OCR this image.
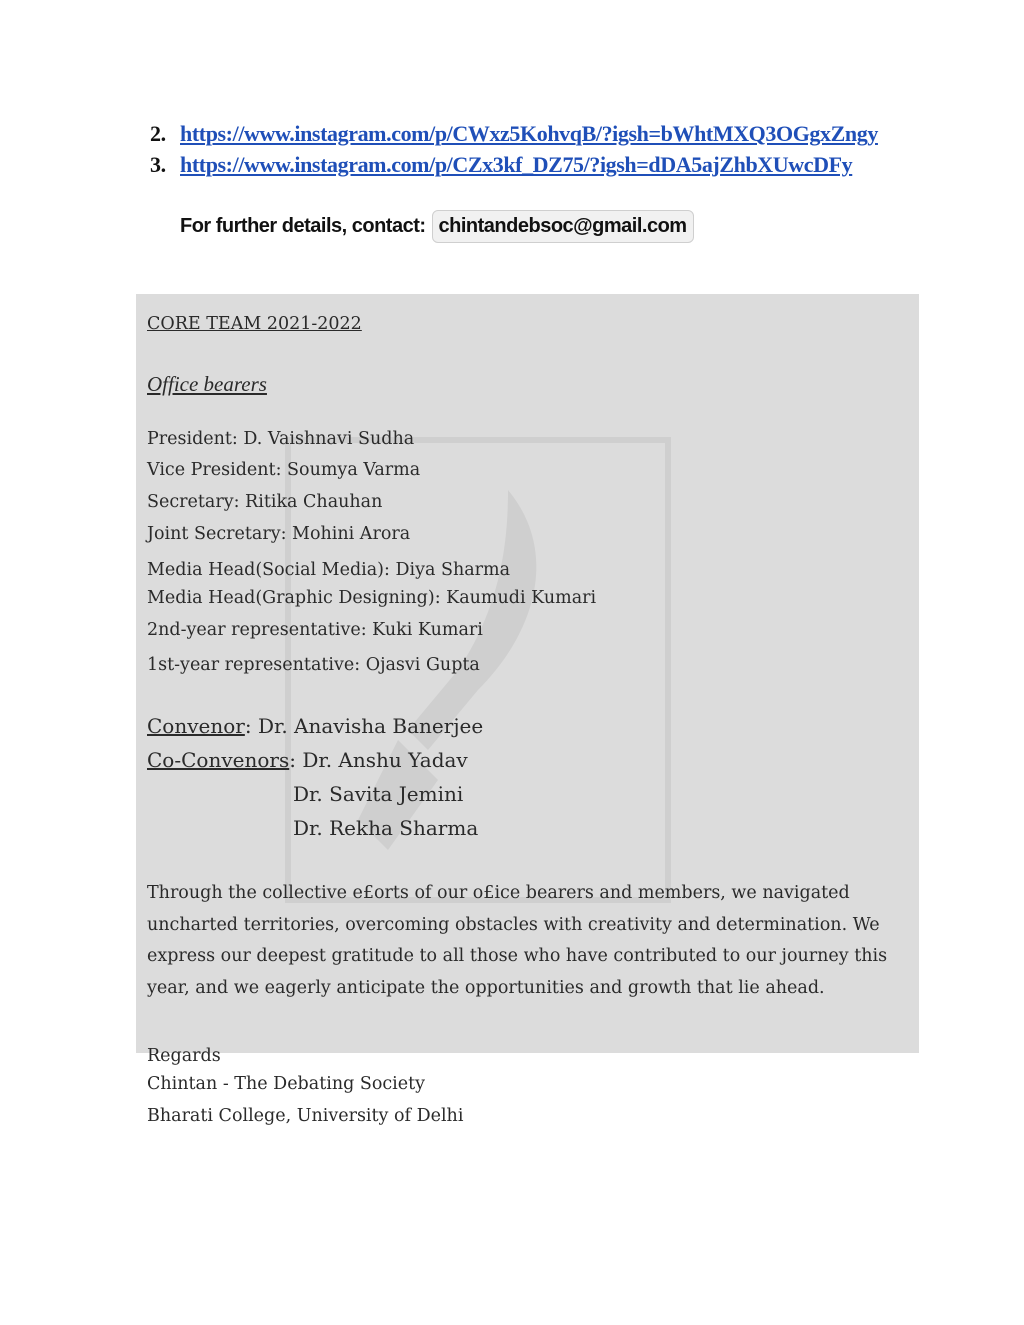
2. https://www.instagram.com/p/CWxz5KohvqB/?igsh=bWhtMXQ3OGgxZngy
3. https://www.instagram.com/p/CZx3kf_DZ75/?igsh=dDA5ajZhbXUwcDFy
For further details, contact: chintandebsoc@gmail.com
CORE TEAM 2021-2022
Office bearers
President: D. Vaishnavi Sudha
Vice President: Soumya Varma
Secretary: Ritika Chauhan
Joint Secretary: Mohini Arora
Media Head(Social Media): Diya Sharma
Media Head(Graphic Designing): Kaumudi Kumari
2nd-year representative: Kuki Kumari
1st-year representative: Ojasvi Gupta
Convenor: Dr. Anavisha Banerjee
Co-Convenors: Dr. Anshu Yadav
Dr. Savita Jemini
Dr. Rekha Sharma
Through the collective e£orts of our o£ice bearers and members, we navigated uncharted territories, overcoming obstacles with creativity and determination. We express our deepest gratitude to all those who have contributed to our journey this year, and we eagerly anticipate the opportunities and growth that lie ahead.
Regards
Chintan - The Debating Society
Bharati College, University of Delhi
